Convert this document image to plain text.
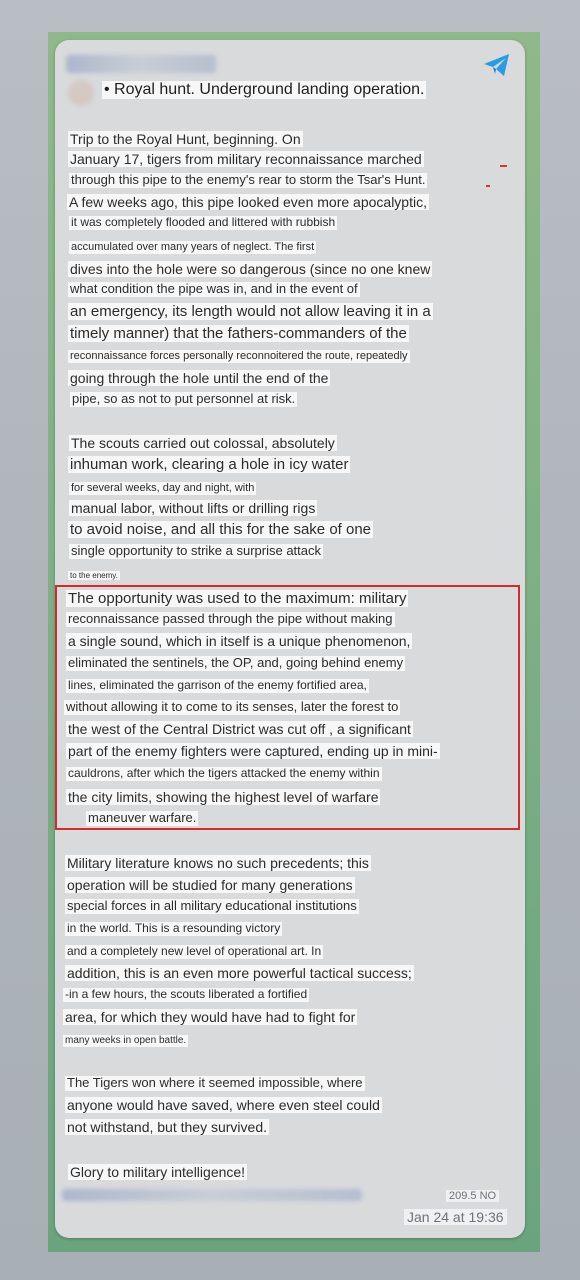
• Royal hunt. Underground landing operation.
Trip to the Royal Hunt, beginning. On
January 17, tigers from military reconnaissance marched
through this pipe to the enemy's rear to storm the Tsar's Hunt.
A few weeks ago, this pipe looked even more apocalyptic,
it was completely flooded and littered with rubbish
accumulated over many years of neglect. The first
dives into the hole were so dangerous (since no one knew
what condition the pipe was in, and in the event of
an emergency, its length would not allow leaving it in a
timely manner) that the fathers-commanders of the
reconnaissance forces personally reconnoitered the route, repeatedly
going through the hole until the end of the
pipe, so as not to put personnel at risk.
The scouts carried out colossal, absolutely
inhuman work, clearing a hole in icy water
for several weeks, day and night, with
manual labor, without lifts or drilling rigs
to avoid noise, and all this for the sake of one
single opportunity to strike a surprise attack
to the enemy.
The opportunity was used to the maximum: military
reconnaissance passed through the pipe without making
a single sound, which in itself is a unique phenomenon,
eliminated the sentinels, the OP, and, going behind enemy
lines, eliminated the garrison of the enemy fortified area,
without allowing it to come to its senses, later the forest to
the west of the Central District was cut off , a significant
part of the enemy fighters were captured, ending up in mini-
cauldrons, after which the tigers attacked the enemy within
the city limits, showing the highest level of warfare
maneuver warfare.
Military literature knows no such precedents; this
operation will be studied for many generations
special forces in all military educational institutions
in the world. This is a resounding victory
and a completely new level of operational art. In
addition, this is an even more powerful tactical success;
-in a few hours, the scouts liberated a fortified
area, for which they would have had to fight for
many weeks in open battle.
The Tigers won where it seemed impossible, where
anyone would have saved, where even steel could
not withstand, but they survived.
Glory to military intelligence!
209.5 NO
Jan 24 at 19:36
